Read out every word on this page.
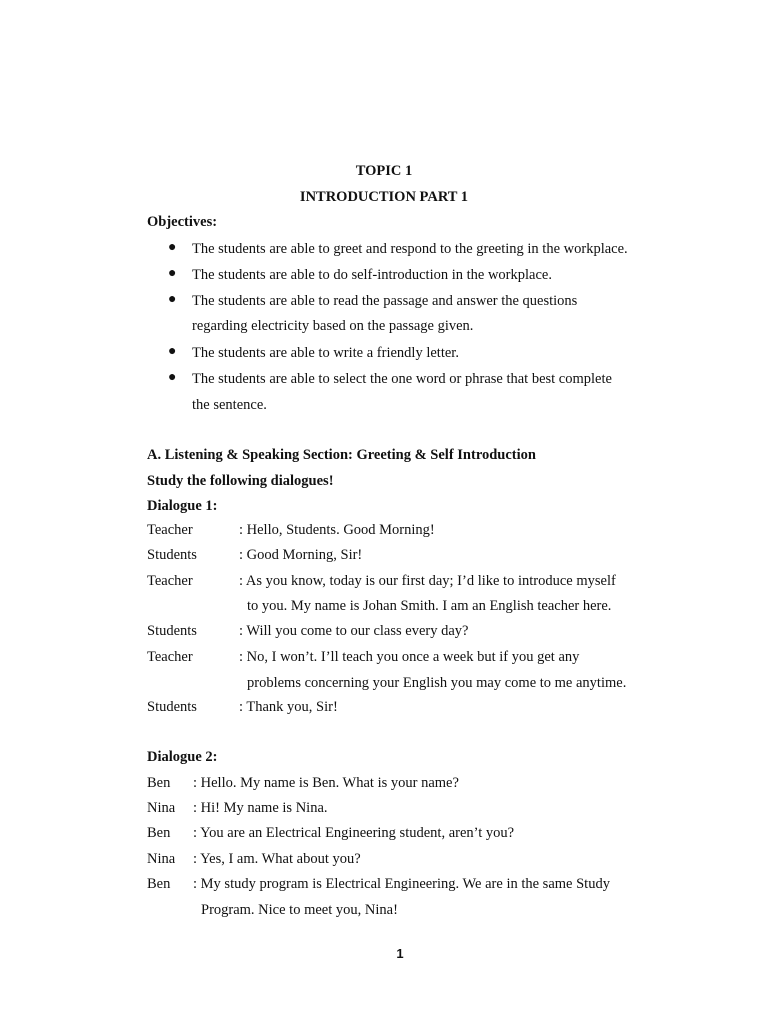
TOPIC 1
INTRODUCTION PART 1
Objectives:
● The students are able to greet and respond to the greeting in the workplace.
● The students are able to do self-introduction in the workplace.
● The students are able to read the passage and answer the questions
regarding electricity based on the passage given.
● The students are able to write a friendly letter.
● The students are able to select the one word or phrase that best complete
the sentence.
A. Listening & Speaking Section: Greeting & Self Introduction
Study the following dialogues!
Dialogue 1:
Teacher	: Hello, Students. Good Morning!
Students	: Good Morning, Sir!
Teacher	: As you know, today is our first day; I’d like to introduce myself
to you. My name is Johan Smith. I am an English teacher here.
Students	: Will you come to our class every day?
Teacher	: No, I won’t. I’ll teach you once a week but if you get any
problems concerning your English you may come to me anytime.
Students	: Thank you, Sir!
Dialogue 2:
Ben : Hello. My name is Ben. What is your name?
Nina : Hi! My name is Nina.
Ben : You are an Electrical Engineering student, aren’t you?
Nina : Yes, I am. What about you?
Ben : My study program is Electrical Engineering. We are in the same Study
Program. Nice to meet you, Nina!
1
